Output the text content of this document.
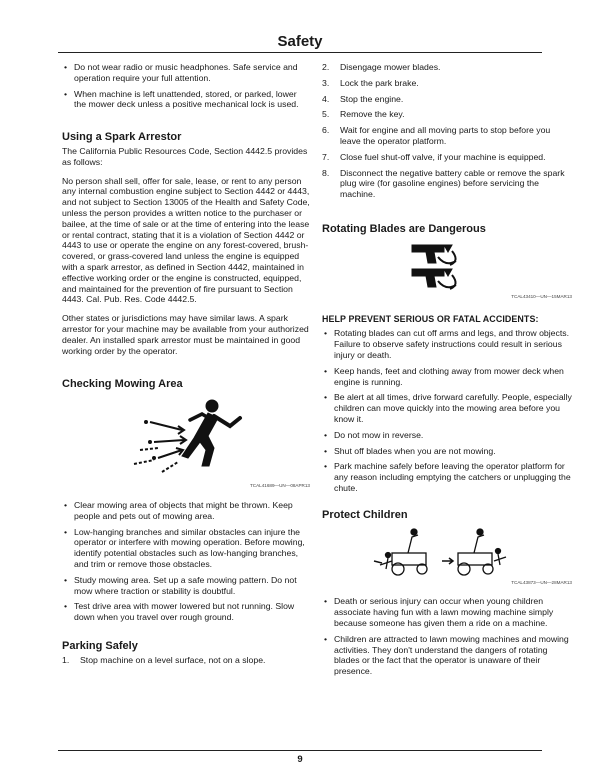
Safety
• Do not wear radio or music headphones. Safe service and operation require your full attention.
• When machine is left unattended, stored, or parked, lower the mower deck unless a positive mechanical lock is used.
Using a Spark Arrestor

The California Public Resources Code, Section 4442.5 provides as follows:

No person shall sell, offer for sale, lease, or rent to any person any internal combustion engine subject to Section 4442 or 4443, and not subject to Section 13005 of the Health and Safety Code, unless the person provides a written notice to the purchaser or bailee, at the time of sale or at the time of entering into the lease or rental contract, stating that it is a violation of Section 4442 or 4443 to use or operate the engine on any forest-covered, brush-covered, or grass-covered land unless the engine is equipped with a spark arrestor, as defined in Section 4442, maintained in effective working order or the engine is constructed, equipped, and maintained for the prevention of fire pursuant to Section 4443. Cal. Pub. Res. Code 4442.5.

Other states or jurisdictions may have similar laws. A spark arrestor for your machine may be available from your authorized dealer. An installed spark arrestor must be maintained in good working order by the operator.

Checking Mowing Area
TCAL41689—UN—08APR13
• Clear mowing area of objects that might be thrown. Keep people and pets out of mowing area.
• Low-hanging branches and similar obstacles can injure the operator or interfere with mowing operation. Before mowing, identify potential obstacles such as low-hanging branches, and trim or remove those obstacles.
• Study mowing area. Set up a safe mowing pattern. Do not mow where traction or stability is doubtful.
• Test drive area with mower lowered but not running. Slow down when you travel over rough ground.
Parking Safely
1. Stop machine on a level surface, not on a slope.
2. Disengage mower blades.
3. Lock the park brake.
4. Stop the engine.
5. Remove the key.
6. Wait for engine and all moving parts to stop before you leave the operator platform.
7. Close fuel shut-off valve, if your machine is equipped.
8. Disconnect the negative battery cable or remove the spark plug wire (for gasoline engines) before servicing the machine.
Rotating Blades are Dangerous
TCAL43410—UN—15MAR13
HELP PREVENT SERIOUS OR FATAL ACCIDENTS:
• Rotating blades can cut off arms and legs, and throw objects. Failure to observe safety instructions could result in serious injury or death.
• Keep hands, feet and clothing away from mower deck when engine is running.
• Be alert at all times, drive forward carefully. People, especially children can move quickly into the mowing area before you know it.
• Do not mow in reverse.
• Shut off blades when you are not mowing.
• Park machine safely before leaving the operator platform for any reason including emptying the catchers or unplugging the chute.
Protect Children
TCAL43873—UN—28MAR13
• Death or serious injury can occur when young children associate having fun with a lawn mowing machine simply because someone has given them a ride on a machine.
• Children are attracted to lawn mowing machines and mowing activities. They don't understand the dangers of rotating blades or the fact that the operator is unaware of their presence.
9
